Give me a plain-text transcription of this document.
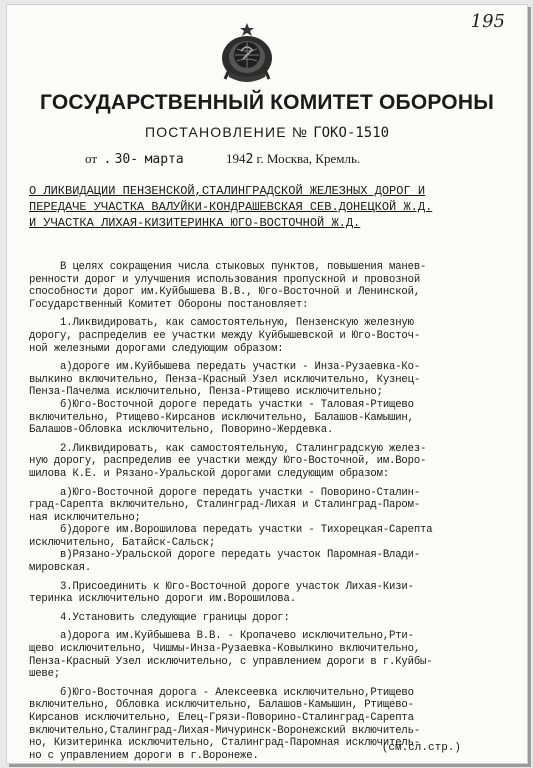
195
ГОСУДАРСТВЕННЫЙ КОМИТЕТ ОБОРОНЫ
ПОСТАНОВЛЕНИЕ № ГОКО-1510
от . 30- марта	1942 г. Москва, Кремль.
О ЛИКВИДАЦИИ ПЕНЗЕНСКОЙ,СТАЛИНГРАДСКОЙ ЖЕЛЕЗНЫХ ДОРОГ И
ПЕРЕДАЧЕ УЧАСТКА ВАЛУЙКИ-КОНДРАШЕВСКАЯ СЕВ.ДОНЕЦКОЙ Ж.Д.
И УЧАСТКА ЛИХАЯ-КИЗИТЕРИНКА ЮГО-ВОСТОЧНОЙ Ж.Д.
В целях сокращения числа стыковых пунктов, повышения манев-
ренности дорог и улучшения использования пропускной и провозной
способности дорог им.Куйбышева В.В., Юго-Восточной и Ленинской,
Государственный Комитет Обороны постановляет:
1.Ликвидировать, как самостоятельную, Пензенскую железную
дорогу, распределив ее участки между Куйбышевской и Юго-Восточ-
ной железными дорогами следующим образом:
а)дороге им.Куйбышева передать участки - Инза-Рузаевка-Ко-
вылкино включительно, Пенза-Красный Узел исключительно, Кузнец-
Пенза-Пачелма исключительно, Пенза-Ртищево исключительно;
б)Юго-Восточной дороге передать участки - Таловая-Ртищево
включительно, Ртищево-Кирсанов исключительно, Балашов-Камышин,
Балашов-Обловка исключительно, Поворино-Жердевка.
2.Ликвидировать, как самостоятельную, Сталинградскую желез-
ную дорогу, распределив ее участки между Юго-Восточной, им.Воро-
шилова К.Е. и Рязано-Уральской дорогами следующим образом:
а)Юго-Восточной дороге передать участки - Поворино-Сталин-
град-Сарепта включительно, Сталинград-Лихая и Сталинград-Паром-
ная исключительно;
б)дороге им.Ворошилова передать участки - Тихорецкая-Сарепта
исключительно, Батайск-Сальск;
в)Рязано-Уральской дороге передать участок Паромная-Влади-
мировская.
3.Присоединить к Юго-Восточной дороге участок Лихая-Кизи-
теринка исключительно дороги им.Ворошилова.
4.Установить следующие границы дорог:
а)дорога им.Куйбышева В.В. - Кропачево исключительно,Рти-
щево исключительно, Чишмы-Инза-Рузаевка-Ковылкино включительно,
Пенза-Красный Узел исключительно, с управлением дороги в г.Куйбы-
шеве;
б)Юго-Восточная дорога - Алексеевка исключительно,Ртищево
включительно, Обловка исключительно, Балашов-Камышин, Ртищево-
Кирсанов исключительно, Елец-Грязи-Поворино-Сталинград-Сарепта
включительно,Сталинград-Лихая-Мичуринск-Воронежский включитель-
но, Кизитеринка исключительно, Сталинград-Паромная исключитель-
но с управлением дороги в г.Воронеже.
(см.сл.стр.)
